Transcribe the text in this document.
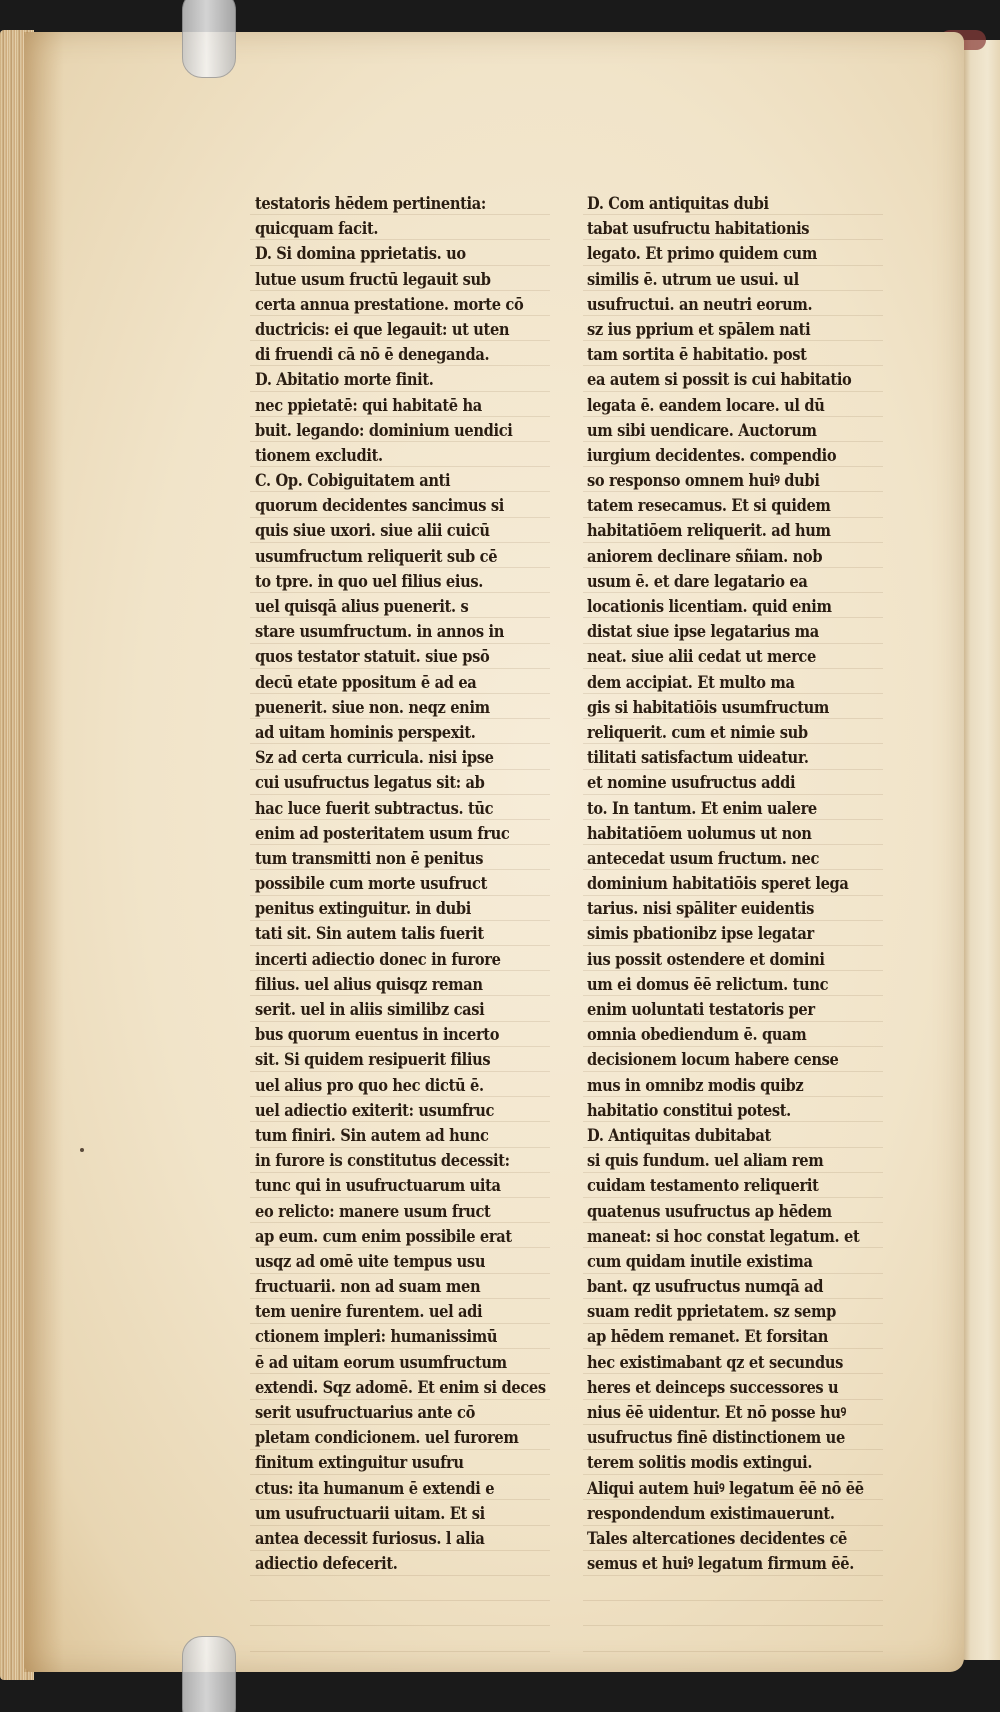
testatoris hēdem pertinentia:
quicquam facit.
D. Si domina pprietatis. uo
lutue usum fructū legauit sub
certa annua prestatione. morte cō
ductricis: ei que legauit: ut uten
di fruendi cā nō ē deneganda.
D. Abitatio morte finit.
nec ppietatē: qui habitatē ha
buit. legando: dominium uendici
tionem excludit.
C. Op. Cobiguitatem anti
quorum decidentes sancimus si
quis siue uxori. siue alii cuicū
usumfructum reliquerit sub cē
to tpre. in quo uel filius eius.
uel quisqā alius puenerit. s
stare usumfructum. in annos in
quos testator statuit. siue psō
decū etate ppositum ē ad ea
puenerit. siue non. neqz enim
ad uitam hominis perspexit.
Sz ad certa curricula. nisi ipse
cui usufructus legatus sit: ab
hac luce fuerit subtractus. tūc
enim ad posteritatem usum fruc
tum transmitti non ē penitus
possibile cum morte usufruct
penitus extinguitur. in dubi
tati sit. Sin autem talis fuerit
incerti adiectio donec in furore
filius. uel alius quisqz reman
serit. uel in aliis similibz casi
bus quorum euentus in incerto
sit. Si quidem resipuerit filius
uel alius pro quo hec dictū ē.
uel adiectio exiterit: usumfruc
tum finiri. Sin autem ad hunc
in furore is constitutus decessit:
tunc qui in usufructuarum uita
eo relicto: manere usum fruct
ap eum. cum enim possibile erat
usqz ad omē uite tempus usu
fructuarii. non ad suam men
tem uenire furentem. uel adi
ctionem impleri: humanissimū
ē ad uitam eorum usumfructum
extendi. Sqz adomē. Et enim si deces
serit usufructuarius ante cō
pletam condicionem. uel furorem
finitum extinguitur usufru
ctus: ita humanum ē extendi e
um usufructuarii uitam. Et si
antea decessit furiosus. l alia
adiectio defecerit.
D. Com antiquitas dubi
tabat usufructu habitationis
legato. Et primo quidem cum
similis ē. utrum ue usui. ul
usufructui. an neutri eorum.
sz ius pprium et spālem nati
tam sortita ē habitatio. post
ea autem si possit is cui habitatio
legata ē. eandem locare. ul dū
um sibi uendicare. Auctorum
iurgium decidentes. compendio
so responso omnem huiꝰ dubi
tatem resecamus. Et si quidem
habitatiōem reliquerit. ad hum
aniorem declinare sñiam. nob
usum ē. et dare legatario ea
locationis licentiam. quid enim
distat siue ipse legatarius ma
neat. siue alii cedat ut merce
dem accipiat. Et multo ma
gis si habitatiōis usumfructum
reliquerit. cum et nimie sub
tilitati satisfactum uideatur.
et nomine usufructus addi
to. In tantum. Et enim ualere
habitatiōem uolumus ut non
antecedat usum fructum. nec
dominium habitatiōis speret lega
tarius. nisi spāliter euidentis
simis pbationibz ipse legatar
ius possit ostendere et domini
um ei domus ēē relictum. tunc
enim uoluntati testatoris per
omnia obediendum ē. quam
decisionem locum habere cense
mus in omnibz modis quibz
habitatio constitui potest.
D. Antiquitas dubitabat
si quis fundum. uel aliam rem
cuidam testamento reliquerit
quatenus usufructus ap hēdem
maneat: si hoc constat legatum. et
cum quidam inutile existima
bant. qz usufructus numqā ad
suam redit pprietatem. sz semp
ap hēdem remanet. Et forsitan
hec existimabant qz et secundus
heres et deinceps successores u
nius ēē uidentur. Et nō posse huꝰ
usufructus finē distinctionem ue
terem solitis modis extingui.
Aliqui autem huiꝰ legatum ēē nō ēē
respondendum existimauerunt.
Tales altercationes decidentes cē
semus et huiꝰ legatum firmum ēē.
